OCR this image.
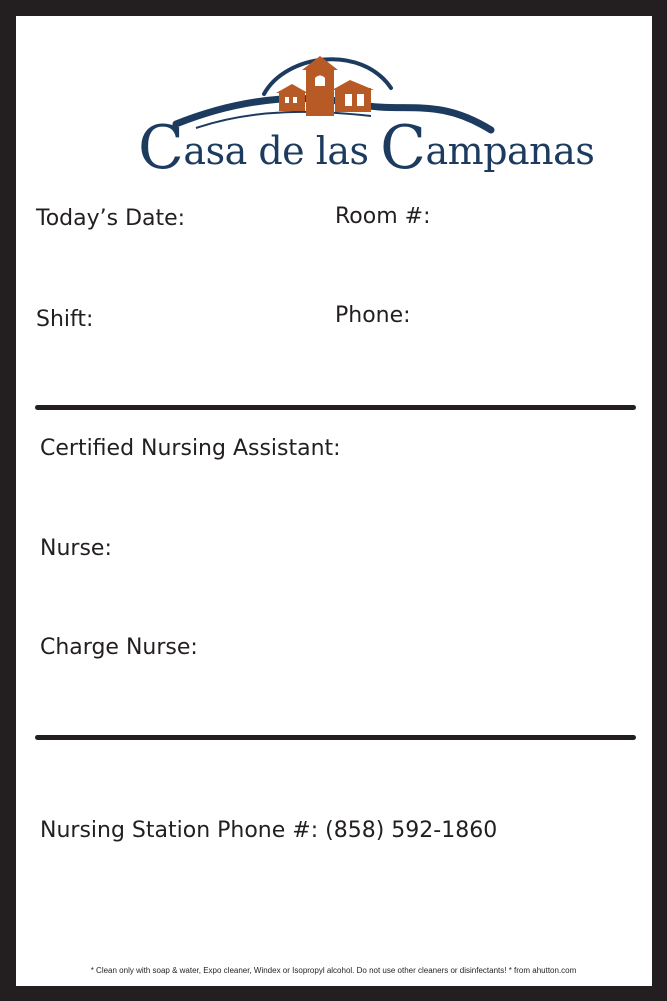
Casa de las Campanas
Today’s Date:	Room #:
Shift:	Phone:
Certified Nursing Assistant:
Nurse:
Charge Nurse:
Nursing Station Phone #: (858) 592-1860
* Clean only with soap & water, Expo cleaner, Windex or Isopropyl alcohol. Do not use other cleaners or disinfectants! * from ahutton.com
